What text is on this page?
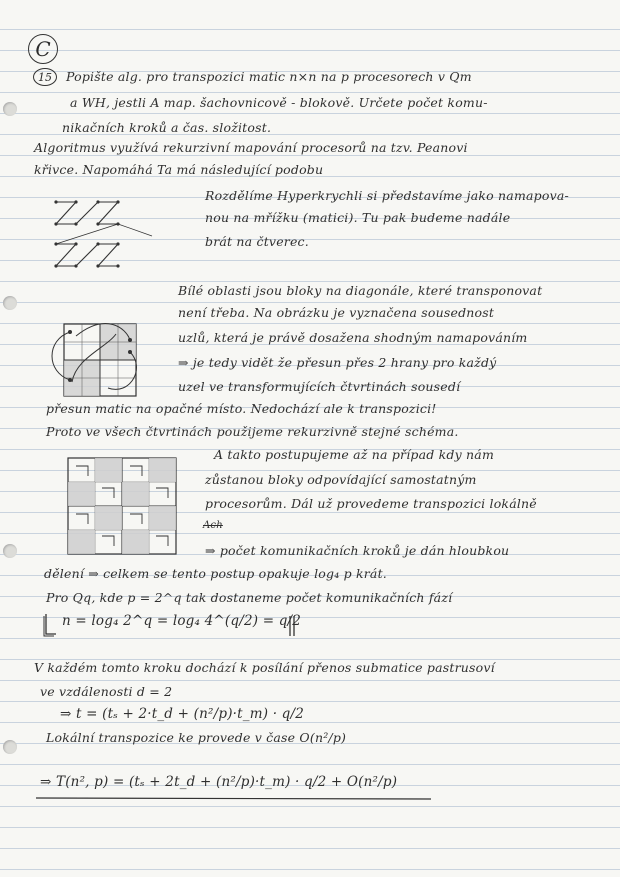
C
15 Popište alg. pro transpozici matic n×n na p procesorech v Qm
a WH, jestli A map. šachovnicově - blokově. Určete počet komu-
nikačních kroků a čas. složitost.
Algoritmus využívá rekurzivní mapování procesorů na tzv. Peanovi
křivce. Napomáhá Ta má následující podobu
Rozdělíme Hyperkrychli si představíme jako namapova-
nou na mřížku (matici). Tu pak budeme nadále
brát na čtverec.
Bílé oblasti jsou bloky na diagonále, které transponovat
není třeba. Na obrázku je vyznačena sousednost
uzlů, která je právě dosažena shodným namapováním
⇒ je tedy vidět že přesun přes 2 hrany pro každý
uzel ve transformujících čtvrtinách sousedí
přesun matic na opačné místo. Nedochází ale k transpozici!
Proto ve všech čtvrtinách použijeme rekurzivně stejné schéma.
A takto postupujeme až na případ kdy nám
zůstanou bloky odpovídající samostatným
procesorům. Dál už provedeme transpozici lokálně
Ach
⇒ počet komunikačních kroků je dán hloubkou
dělení ⇒ celkem se tento postup opakuje log₄ p krát.
Pro Qq, kde p = 2^q tak dostaneme počet komunikačních fází
n = log₄ 2^q = log₄ 4^(q/2) = q/2
V každém tomto kroku dochází k posílání přenos submatice pastrusoví
ve vzdálenosti d = 2
⇒ t = (tₛ + 2·t_d + (n²/p)·t_m) · q/2
Lokální transpozice ke provede v čase O(n²/p)
⇒ T(n², p) = (tₛ + 2t_d + (n²/p)·t_m) · q/2 + O(n²/p)
